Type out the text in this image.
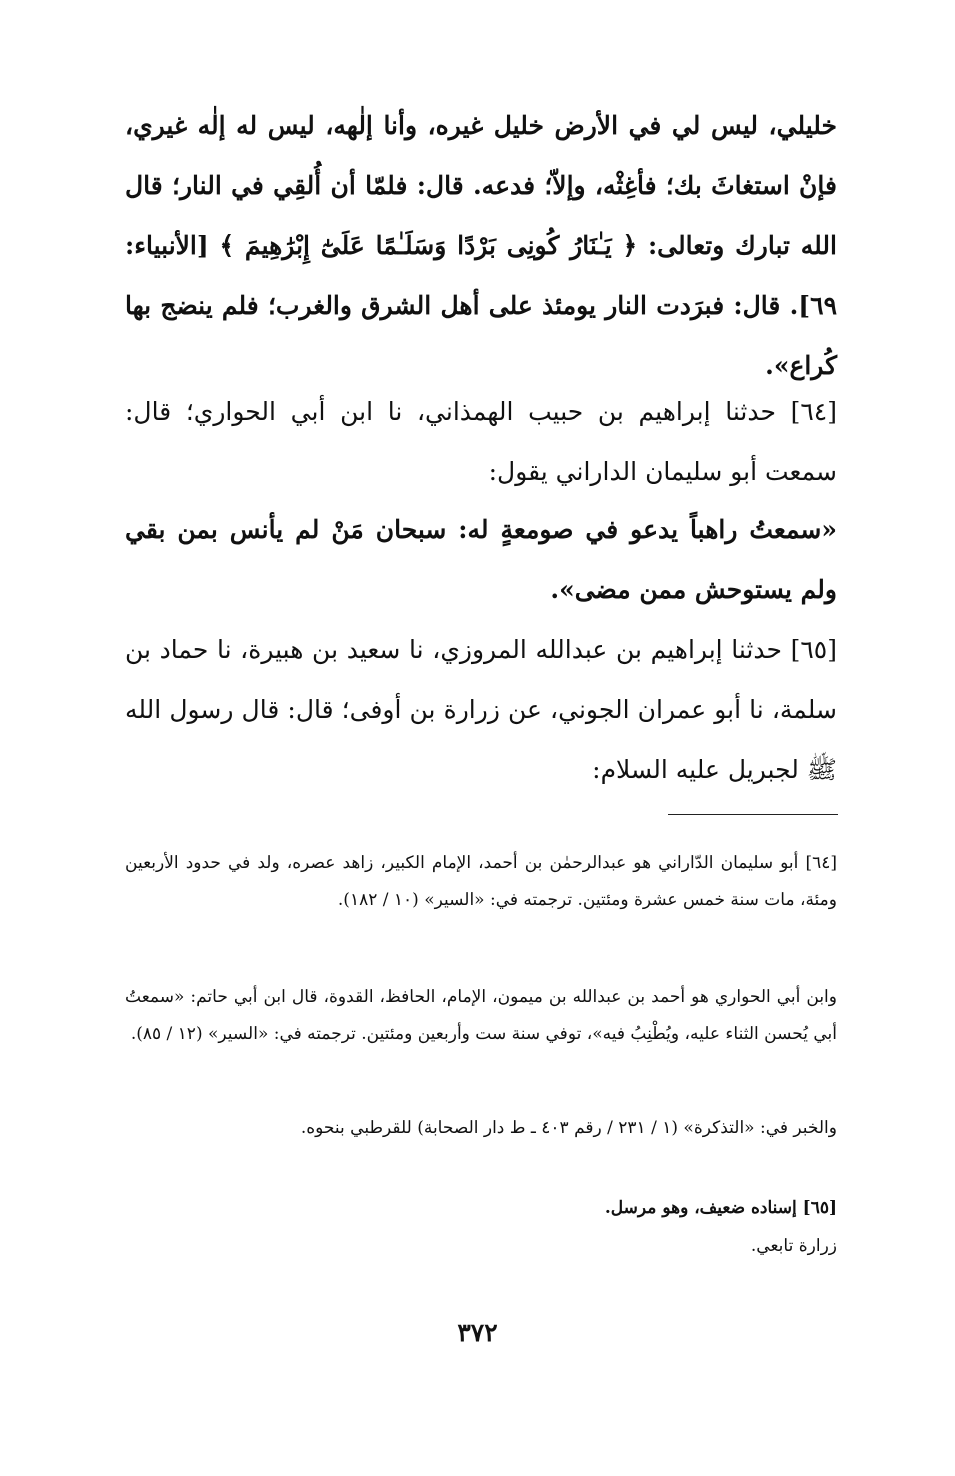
خليلي، ليس لي في الأرض خليل غيره، وأنا إلٰهه، ليس له إلٰه غيري، فإنْ استغاثَ بك؛ فأغِثْه، وإلاّ؛ فدعه. قال: فلمّا أن أُلقِي في النار؛ قال الله تبارك وتعالى: ﴿ يَـٰنَارُ كُونِى بَرْدًا وَسَلَـٰمًا عَلَىٰٓ إِبْرَٰهِيمَ ﴾ [الأنبياء: ٦٩]. قال: فبرَدت النار يومئذ على أهل الشرق والغرب؛ فلم ينضج بها كُراع».

[٦٤] حدثنا إبراهيم بن حبيب الهمذاني، نا ابن أبي الحواري؛ قال: سمعت أبو سليمان الداراني يقول:

«سمعتُ راهباً يدعو في صومعةٍ له: سبحان مَنْ لم يأنس بمن بقي ولم يستوحش ممن مضى».

[٦٥] حدثنا إبراهيم بن عبدالله المروزي، نا سعيد بن هبيرة، نا حماد بن سلمة، نا أبو عمران الجوني، عن زرارة بن أوفى؛ قال: قال رسول الله ﷺ لجبريل عليه السلام:

[٦٤] أبو سليمان الدّاراني هو عبدالرحمٰن بن أحمد، الإمام الكبير، زاهد عصره، ولد في حدود الأربعين ومئة، مات سنة خمس عشرة ومئتين. ترجمته في: «السير» (١٠ / ١٨٢).

وابن أبي الحواري هو أحمد بن عبدالله بن ميمون، الإمام، الحافظ، القدوة، قال ابن أبي حاتم: «سمعتُ أبي يُحسن الثناء عليه، ويُطْنِبُ فيه»، توفي سنة ست وأربعين ومئتين. ترجمته في: «السير» (١٢ / ٨٥).

والخبر في: «التذكرة» (١ / ٢٣١ / رقم ٤٠٣ ـ ط دار الصحابة) للقرطبي بنحوه.

[٦٥] إسناده ضعيف، وهو مرسل.

زرارة تابعي.

٣٧٢
